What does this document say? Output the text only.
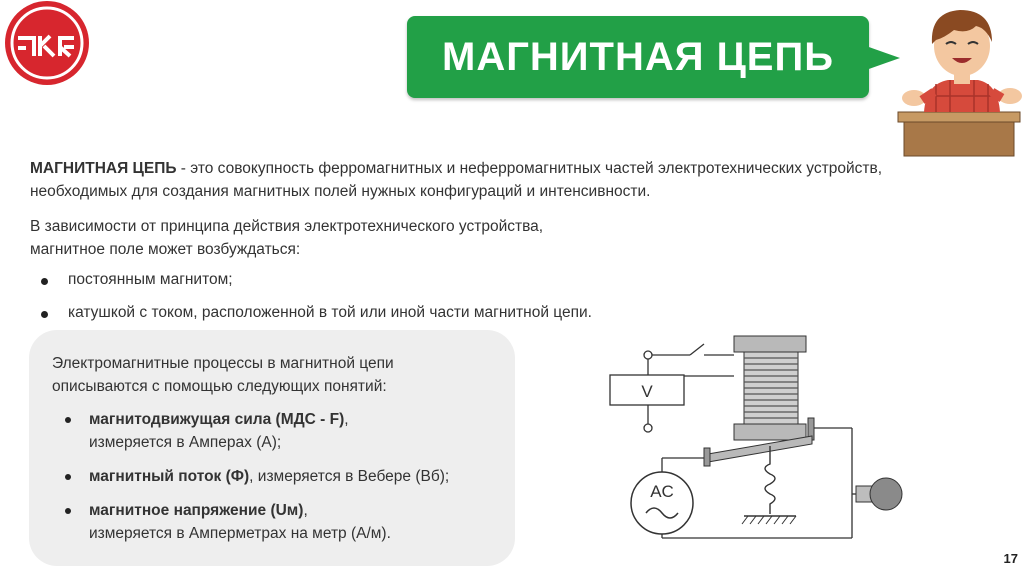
МАГНИТНАЯ ЦЕПЬ

МАГНИТНАЯ ЦЕПЬ - это совокупность ферромагнитных и неферромагнитных частей электротехнических устройств,
необходимых для создания магнитных полей нужных конфигураций и интенсивности.

В зависимости от принципа действия электротехнического устройства,
магнитное поле может возбуждаться:

постоянным магнитом;
катушкой с током, расположенной в той или иной части магнитной цепи.

Электромагнитные процессы в магнитной цепи
описываются с помощью следующих понятий:

магнитодвижущая сила (МДС - F),
измеряется в Амперах (А);
магнитный поток (Ф), измеряется в Вебере (Вб);
магнитное напряжение (Uм),
измеряется в Амперметрах на метр (А/м).
V
AC
17
